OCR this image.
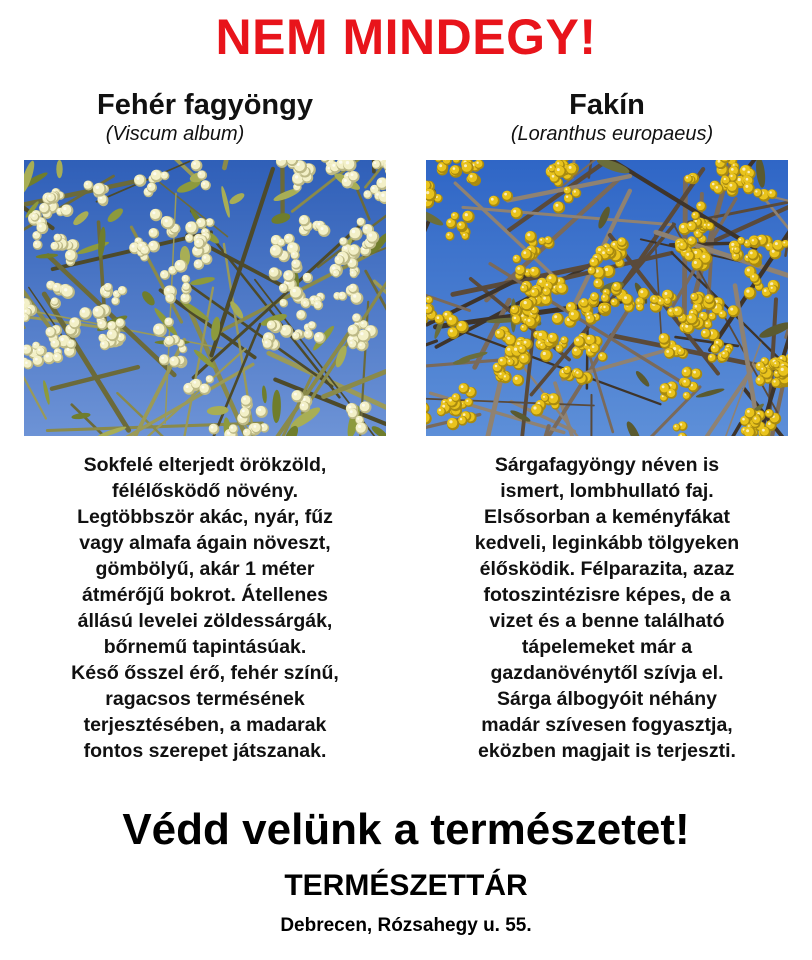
NEM MINDEGY!
Fehér fagyöngy
(Viscum album)
Sokfelé elterjedt örökzöld,
félélősködő növény.
Legtöbbször akác, nyár, fűz
vagy almafa ágain növeszt,
gömbölyű, akár 1 méter
átmérőjű bokrot. Átellenes
állású levelei zöldessárgák,
bőrnemű tapintásúak.
Késő ősszel érő, fehér színű,
ragacsos termésének
terjesztésében, a madarak
fontos szerepet játszanak.
Fakín
(Loranthus europaeus)
Sárgafagyöngy néven is
ismert, lombhullató faj.
Elsősorban a keményfákat
kedveli, leginkább tölgyeken
élősködik. Félparazita, azaz
fotoszintézisre képes, de a
vizet és a benne található
tápelemeket már a
gazdanövénytől szívja el.
Sárga álbogyóit néhány
madár szívesen fogyasztja,
eközben magjait is terjeszti.
Védd velünk a természetet!
TERMÉSZETTÁR
Debrecen, Rózsahegy u. 55.
